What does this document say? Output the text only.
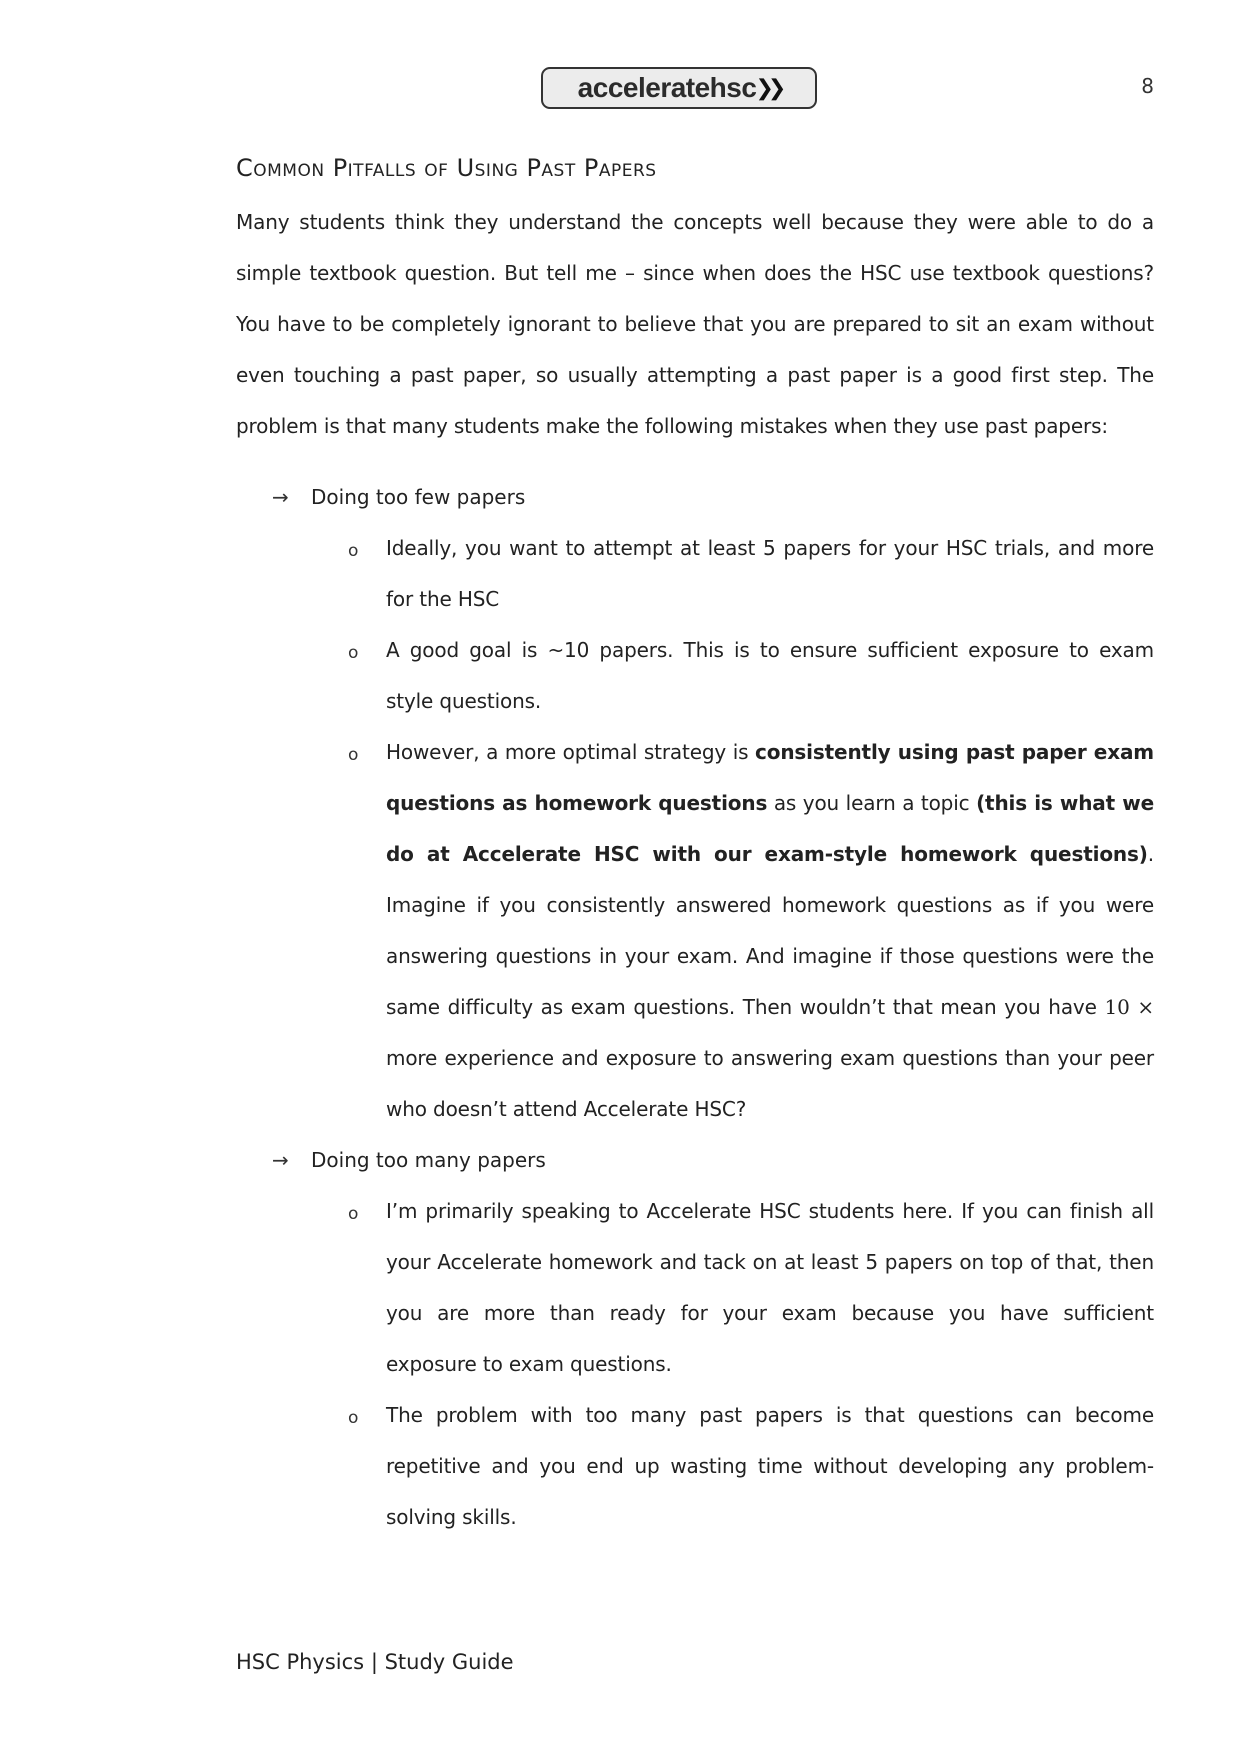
acceleratehsc ❯❯	8
Common Pitfalls of Using Past Papers

Many students think they understand the concepts well because they were able to do a simple textbook question. But tell me – since when does the HSC use textbook questions? You have to be completely ignorant to believe that you are prepared to sit an exam without even touching a past paper, so usually attempting a past paper is a good first step. The problem is that many students make the following mistakes when they use past papers:

→ Doing too few papers
o Ideally, you want to attempt at least 5 papers for your HSC trials, and more for the HSC
o A good goal is ~10 papers. This is to ensure sufficient exposure to exam style questions.
o However, a more optimal strategy is consistently using past paper exam questions as homework questions as you learn a topic (this is what we do at Accelerate HSC with our exam-style homework questions). Imagine if you consistently answered homework questions as if you were answering questions in your exam. And imagine if those questions were the same difficulty as exam questions. Then wouldn’t that mean you have 10 × more experience and exposure to answering exam questions than your peer who doesn’t attend Accelerate HSC?
→ Doing too many papers
o I’m primarily speaking to Accelerate HSC students here. If you can finish all your Accelerate homework and tack on at least 5 papers on top of that, then you are more than ready for your exam because you have sufficient exposure to exam questions.
o The problem with too many past papers is that questions can become repetitive and you end up wasting time without developing any problem-solving skills.
HSC Physics | Study Guide
